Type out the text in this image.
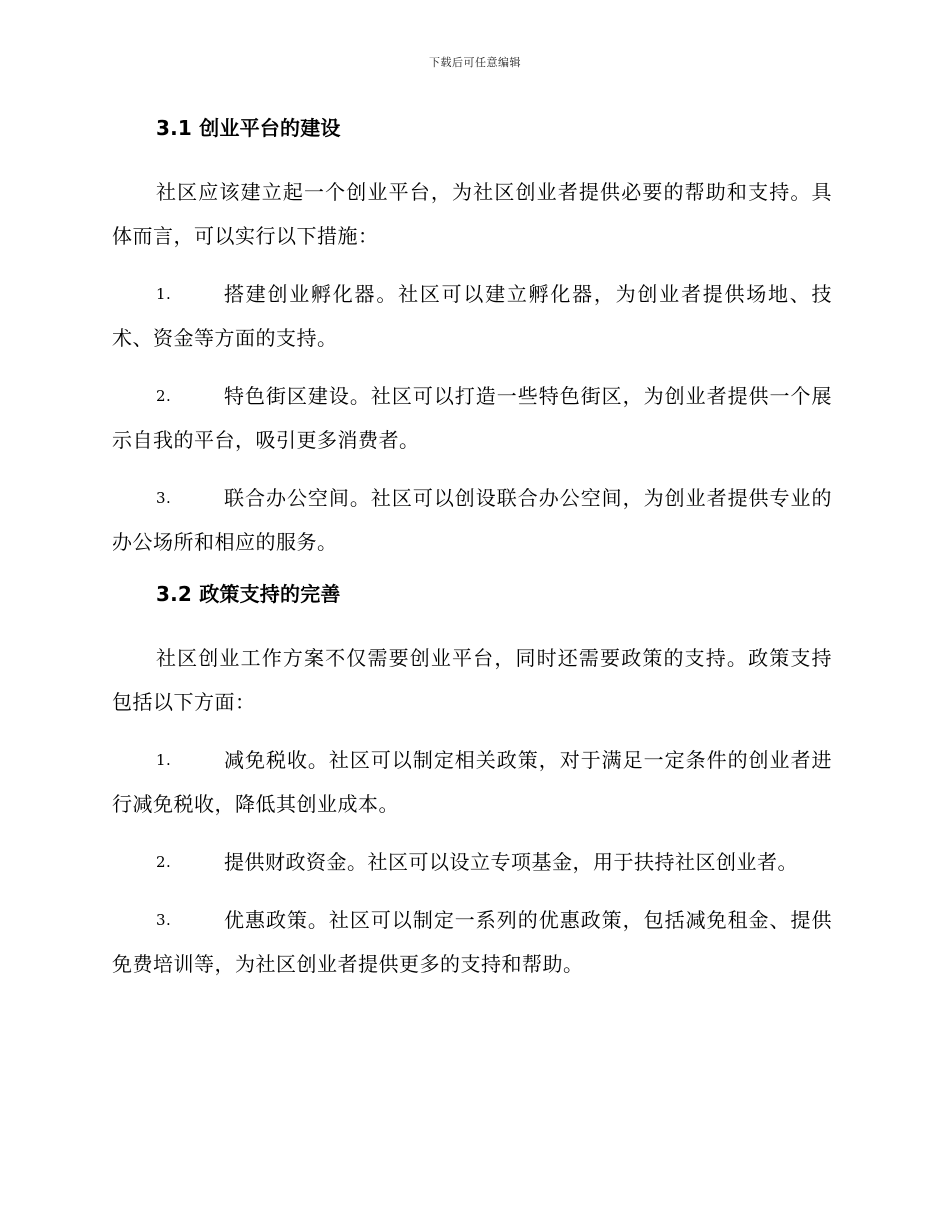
下载后可任意编辑
3.1 创业平台的建设

社区应该建立起一个创业平台，为社区创业者提供必要的帮助和支持。具体而言，可以实行以下措施：

1.	搭建创业孵化器。社区可以建立孵化器，为创业者提供场地、技术、资金等方面的支持。

2.	特色街区建设。社区可以打造一些特色街区，为创业者提供一个展示自我的平台，吸引更多消费者。

3.	联合办公空间。社区可以创设联合办公空间，为创业者提供专业的办公场所和相应的服务。

3.2 政策支持的完善

社区创业工作方案不仅需要创业平台，同时还需要政策的支持。政策支持包括以下方面：

1.	减免税收。社区可以制定相关政策，对于满足一定条件的创业者进行减免税收，降低其创业成本。

2.	提供财政资金。社区可以设立专项基金，用于扶持社区创业者。

3.	优惠政策。社区可以制定一系列的优惠政策，包括减免租金、提供免费培训等，为社区创业者提供更多的支持和帮助。
